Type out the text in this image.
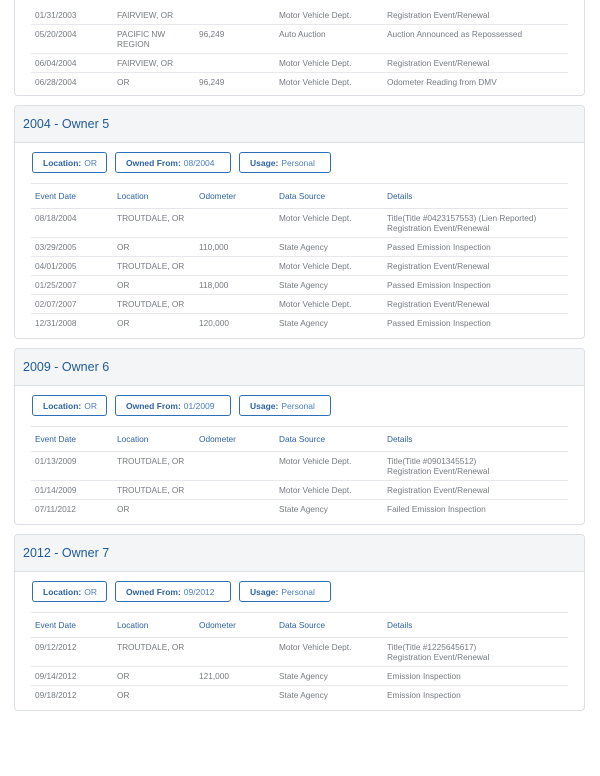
01/31/2003	FAIRVIEW, OR		Motor Vehicle Dept.	Registration Event/Renewal
05/20/2004	PACIFIC NW REGION	96,249	Auto Auction	Auction Announced as Repossessed
06/04/2004	FAIRVIEW, OR		Motor Vehicle Dept.	Registration Event/Renewal
06/28/2004	OR	96,249	Motor Vehicle Dept.	Odometer Reading from DMV
2004 - Owner 5
Location: OR	Owned From: 08/2004	Usage: Personal
Event Date	Location	Odometer	Data Source	Details
08/18/2004	TROUTDALE, OR		Motor Vehicle Dept.	Title(Title #0423157553) (Lien Reported)
Registration Event/Renewal
03/29/2005	OR	110,000	State Agency	Passed Emission Inspection
04/01/2005	TROUTDALE, OR		Motor Vehicle Dept.	Registration Event/Renewal
01/25/2007	OR	118,000	State Agency	Passed Emission Inspection
02/07/2007	TROUTDALE, OR		Motor Vehicle Dept.	Registration Event/Renewal
12/31/2008	OR	120,000	State Agency	Passed Emission Inspection
2009 - Owner 6
Location: OR	Owned From: 01/2009	Usage: Personal
Event Date	Location	Odometer	Data Source	Details
01/13/2009	TROUTDALE, OR		Motor Vehicle Dept.	Title(Title #0901345512)
Registration Event/Renewal
01/14/2009	TROUTDALE, OR		Motor Vehicle Dept.	Registration Event/Renewal
07/11/2012	OR		State Agency	Failed Emission Inspection
2012 - Owner 7
Location: OR	Owned From: 09/2012	Usage: Personal
Event Date	Location	Odometer	Data Source	Details
09/12/2012	TROUTDALE, OR		Motor Vehicle Dept.	Title(Title #1225645617)
Registration Event/Renewal
09/14/2012	OR	121,000	State Agency	Emission Inspection
09/18/2012	OR		State Agency	Emission Inspection
